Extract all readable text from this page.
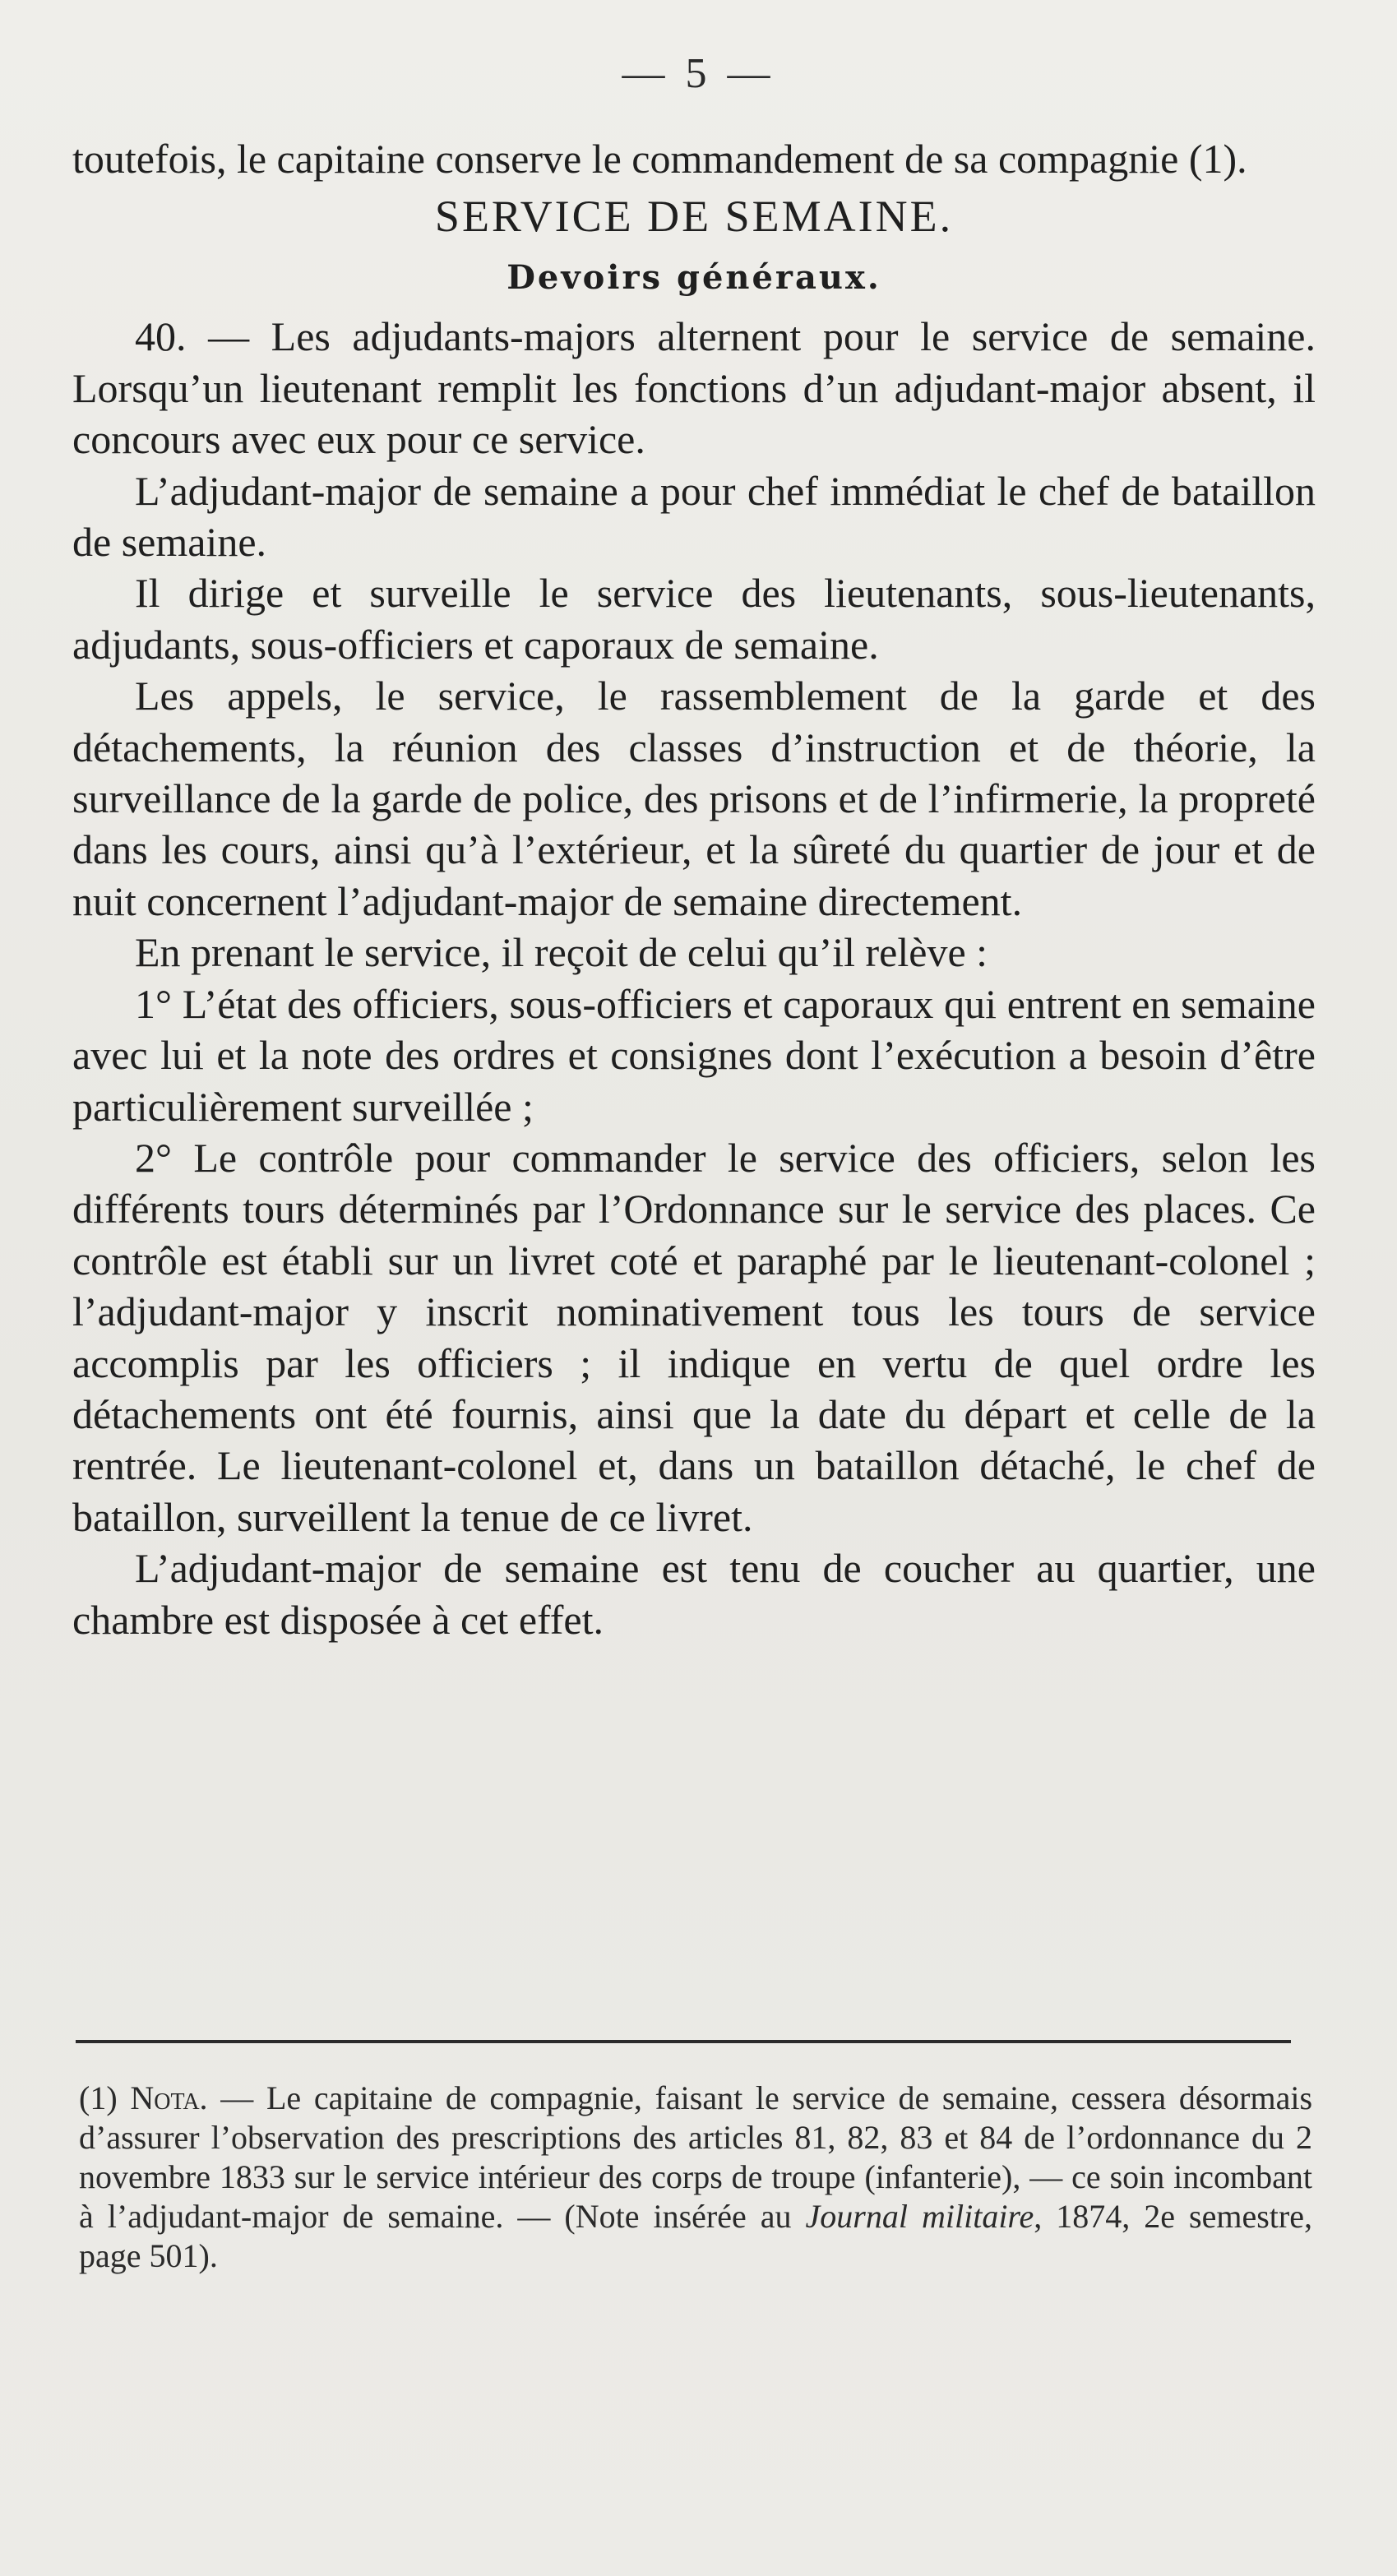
— 5 —

toutefois, le capitaine conserve le commandement de sa compagnie (1).

SERVICE DE SEMAINE.

Devoirs généraux.

40. — Les adjudants-majors alternent pour le service de semaine. Lorsqu’un lieutenant remplit les fonctions d’un adjudant-major absent, il concours avec eux pour ce service.

L’adjudant-major de semaine a pour chef immédiat le chef de bataillon de semaine.

Il dirige et surveille le service des lieutenants, sous-lieutenants, adjudants, sous-officiers et caporaux de semaine.

Les appels, le service, le rassemblement de la garde et des détachements, la réunion des classes d’instruction et de théorie, la surveillance de la garde de police, des prisons et de l’infirmerie, la propreté dans les cours, ainsi qu’à l’extérieur, et la sûreté du quartier de jour et de nuit concernent l’adjudant-major de semaine directement.

En prenant le service, il reçoit de celui qu’il relève :

1° L’état des officiers, sous-officiers et caporaux qui entrent en semaine avec lui et la note des ordres et consignes dont l’exécution a besoin d’être particulièrement surveillée ;

2° Le contrôle pour commander le service des officiers, selon les différents tours déterminés par l’Ordonnance sur le service des places. Ce contrôle est établi sur un livret coté et paraphé par le lieutenant-colonel ; l’adjudant-major y inscrit nominativement tous les tours de service accomplis par les officiers ; il indique en vertu de quel ordre les détachements ont été fournis, ainsi que la date du départ et celle de la rentrée. Le lieutenant-colonel et, dans un bataillon détaché, le chef de bataillon, surveillent la tenue de ce livret.

L’adjudant-major de semaine est tenu de coucher au quartier, une chambre est disposée à cet effet.

(1) Nota. — Le capitaine de compagnie, faisant le service de semaine, cessera désormais d’assurer l’observation des prescriptions des articles 81, 82, 83 et 84 de l’ordonnance du 2 novembre 1833 sur le service intérieur des corps de troupe (infanterie), — ce soin incombant à l’adjudant-major de semaine. — (Note insérée au Journal militaire, 1874, 2e semestre, page 501).
